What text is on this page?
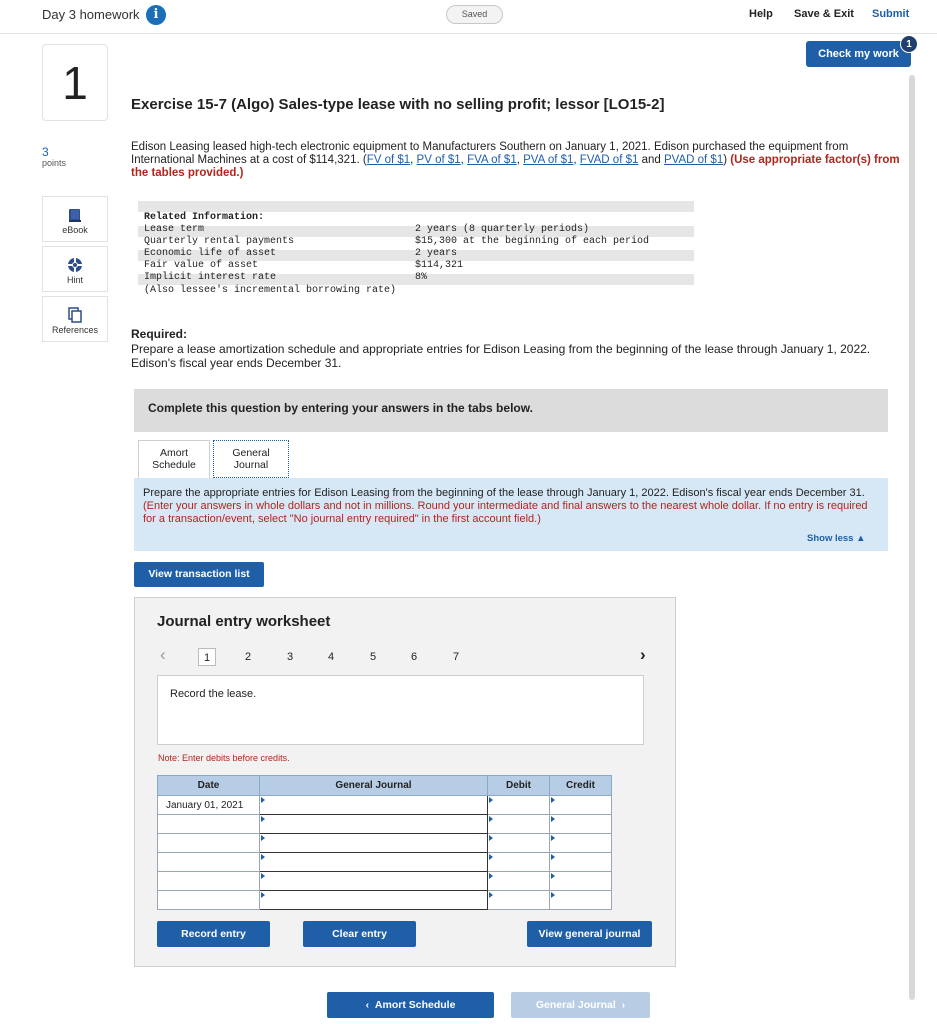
Day 3 homework	i	Saved	Help Save & Exit Submit
Check my work
1
1
3
points
eBook
Hint
References
Exercise 15-7 (Algo) Sales-type lease with no selling profit; lessor [LO15-2]
Edison Leasing leased high-tech electronic equipment to Manufacturers Southern on January 1, 2021. Edison purchased the equipment from International Machines at a cost of $114,321. (FV of $1, PV of $1, FVA of $1, PVA of $1, FVAD of $1 and PVAD of $1) (Use appropriate factor(s) from the tables provided.)
Related Information:
Lease term	2 years (8 quarterly periods)
Quarterly rental payments	$15,300 at the beginning of each period
Economic life of asset	2 years
Fair value of asset	$114,321
Implicit interest rate	8%
(Also lessee's incremental borrowing rate)
Required:
Prepare a lease amortization schedule and appropriate entries for Edison Leasing from the beginning of the lease through January 1, 2022. Edison's fiscal year ends December 31.
Complete this question by entering your answers in the tabs below.
Amort
Schedule
General
Journal
Prepare the appropriate entries for Edison Leasing from the beginning of the lease through January 1, 2022. Edison's fiscal year ends December 31. (Enter your answers in whole dollars and not in millions. Round your intermediate and final answers to the nearest whole dollar. If no entry is required for a transaction/event, select "No journal entry required" in the first account field.)
Show less ▲
View transaction list
Journal entry worksheet
‹	1	2	3	4	5	6	7	›
Record the lease.
Note: Enter debits before credits.
Date	General Journal	Debit	Credit
January 01, 2021	

Record entry	Clear entry	View general journal
‹  Amort Schedule	General Journal  ›
